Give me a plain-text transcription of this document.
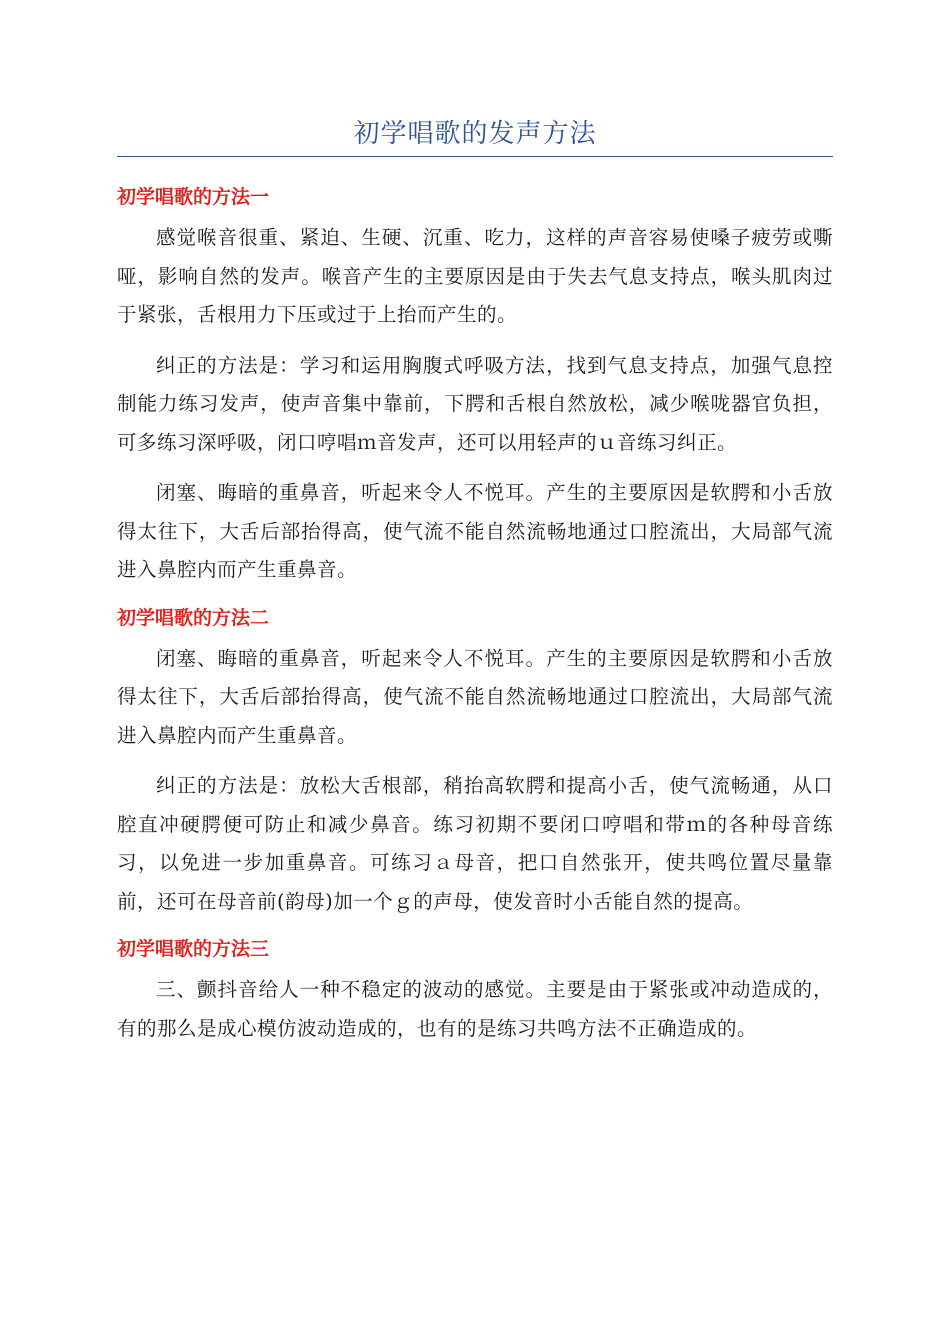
初学唱歌的发声方法
初学唱歌的方法一

感觉喉音很重、紧迫、生硬、沉重、吃力，这样的声音容易使嗓子疲劳或嘶哑，影响自然的发声。喉音产生的主要原因是由于失去气息支持点，喉头肌肉过于紧张，舌根用力下压或过于上抬而产生的。

纠正的方法是：学习和运用胸腹式呼吸方法，找到气息支持点，加强气息控制能力练习发声，使声音集中靠前，下腭和舌根自然放松，减少喉咙器官负担，可多练习深呼吸，闭口哼唱ｍ音发声，还可以用轻声的ｕ音练习纠正。

闭塞、晦暗的重鼻音，听起来令人不悦耳。产生的主要原因是软腭和小舌放得太往下，大舌后部抬得高，使气流不能自然流畅地通过口腔流出，大局部气流进入鼻腔内而产生重鼻音。

初学唱歌的方法二

闭塞、晦暗的重鼻音，听起来令人不悦耳。产生的主要原因是软腭和小舌放得太往下，大舌后部抬得高，使气流不能自然流畅地通过口腔流出，大局部气流进入鼻腔内而产生重鼻音。

纠正的方法是：放松大舌根部，稍抬高软腭和提高小舌，使气流畅通，从口腔直冲硬腭便可防止和减少鼻音。练习初期不要闭口哼唱和带ｍ的各种母音练习，以免进一步加重鼻音。可练习ａ母音，把口自然张开，使共鸣位置尽量靠前，还可在母音前(韵母)加一个ｇ的声母，使发音时小舌能自然的提高。

初学唱歌的方法三

三、颤抖音给人一种不稳定的波动的感觉。主要是由于紧张或冲动造成的，有的那么是成心模仿波动造成的，也有的是练习共鸣方法不正确造成的。
